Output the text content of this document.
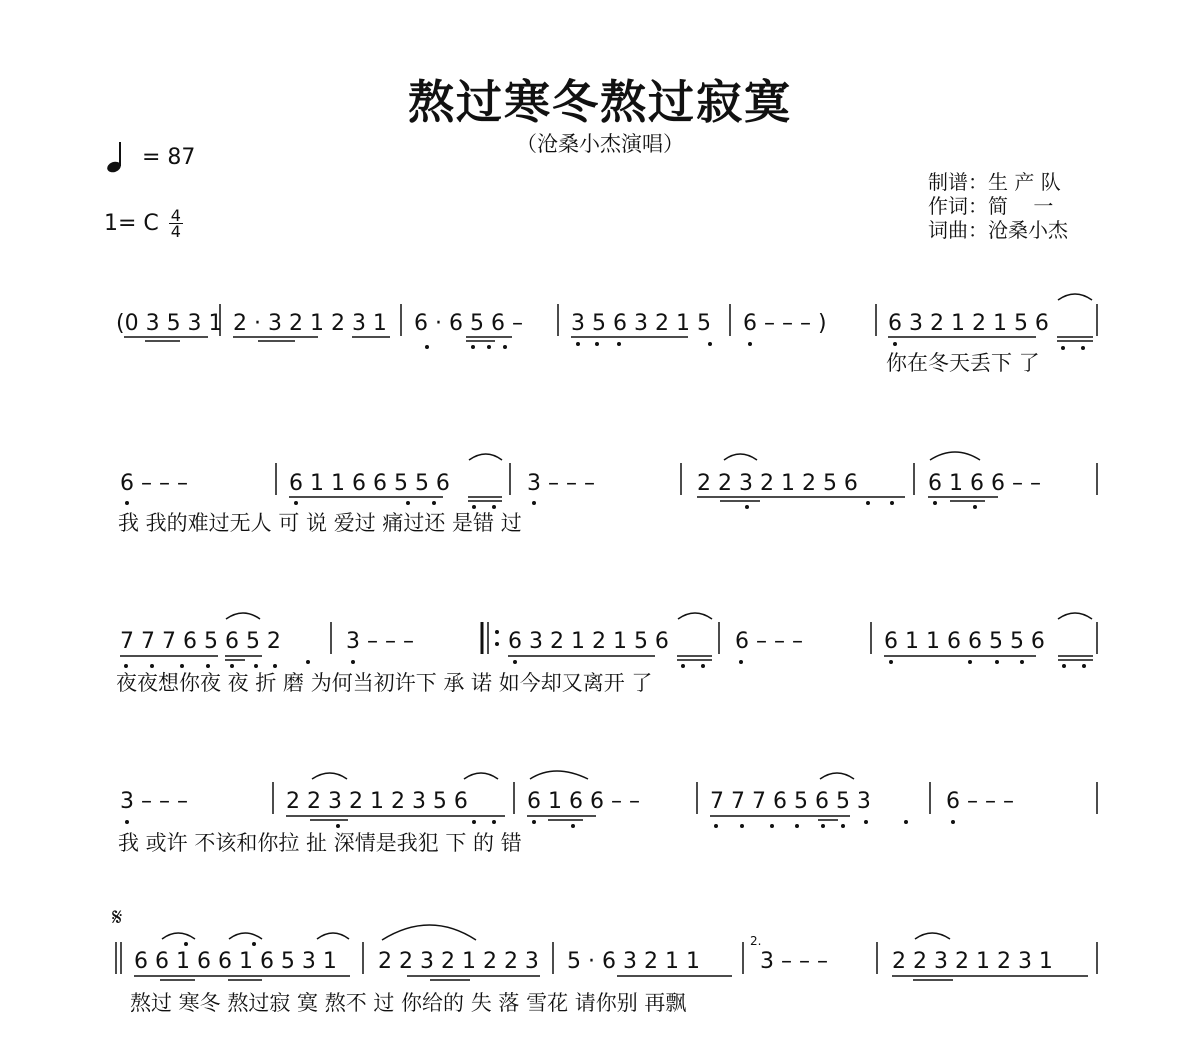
熬过寒冬熬过寂寞
（沧桑小杰演唱）
= 87
1= C 4
4
制谱：生 产 队
作词：简    一
词曲：沧桑小杰
(0 3 5 3 1 2 · 3 2 1 2 3 1 6 · 6 5 6 – 3 5 6 3 2 1 5 6 – – – )	6 3 2 1 2 1 5 6
你在冬天丢下 了
6 – – –	6 1 1 6 6 5 5 6	3 – – –	2 2 3 2 1 2 5 6	6 1 6 6 – –
我 我的难过无人 可 说 爱过 痛过还 是错 过
7 7 7 6 5 6 5 2	3 – – –	6 3 2 1 2 1 5 6	6 – – –	6 1 1 6 6 5 5 6
夜夜想你夜 夜 折 磨 为何当初许下 承 诺 如今却又离开 了
3 – – –	2 2 3 2 1 2 3 5 6	6 1 6 6 – –	7 7 7 6 5 6 5 3	6 – – –
我 或许 不该和你拉 扯 深情是我犯 下 的 错
𝄋
6 6 1 6 6 1 6 5 3 1 2 2 3 2 1 2 2 3 5 · 6 3 2 1 1	3 – – –	2 2 3 2 1 2 3 1
2.
熬过 寒冬 熬过寂 寞 熬不 过 你给的 失 落 雪花 请你别 再飘
